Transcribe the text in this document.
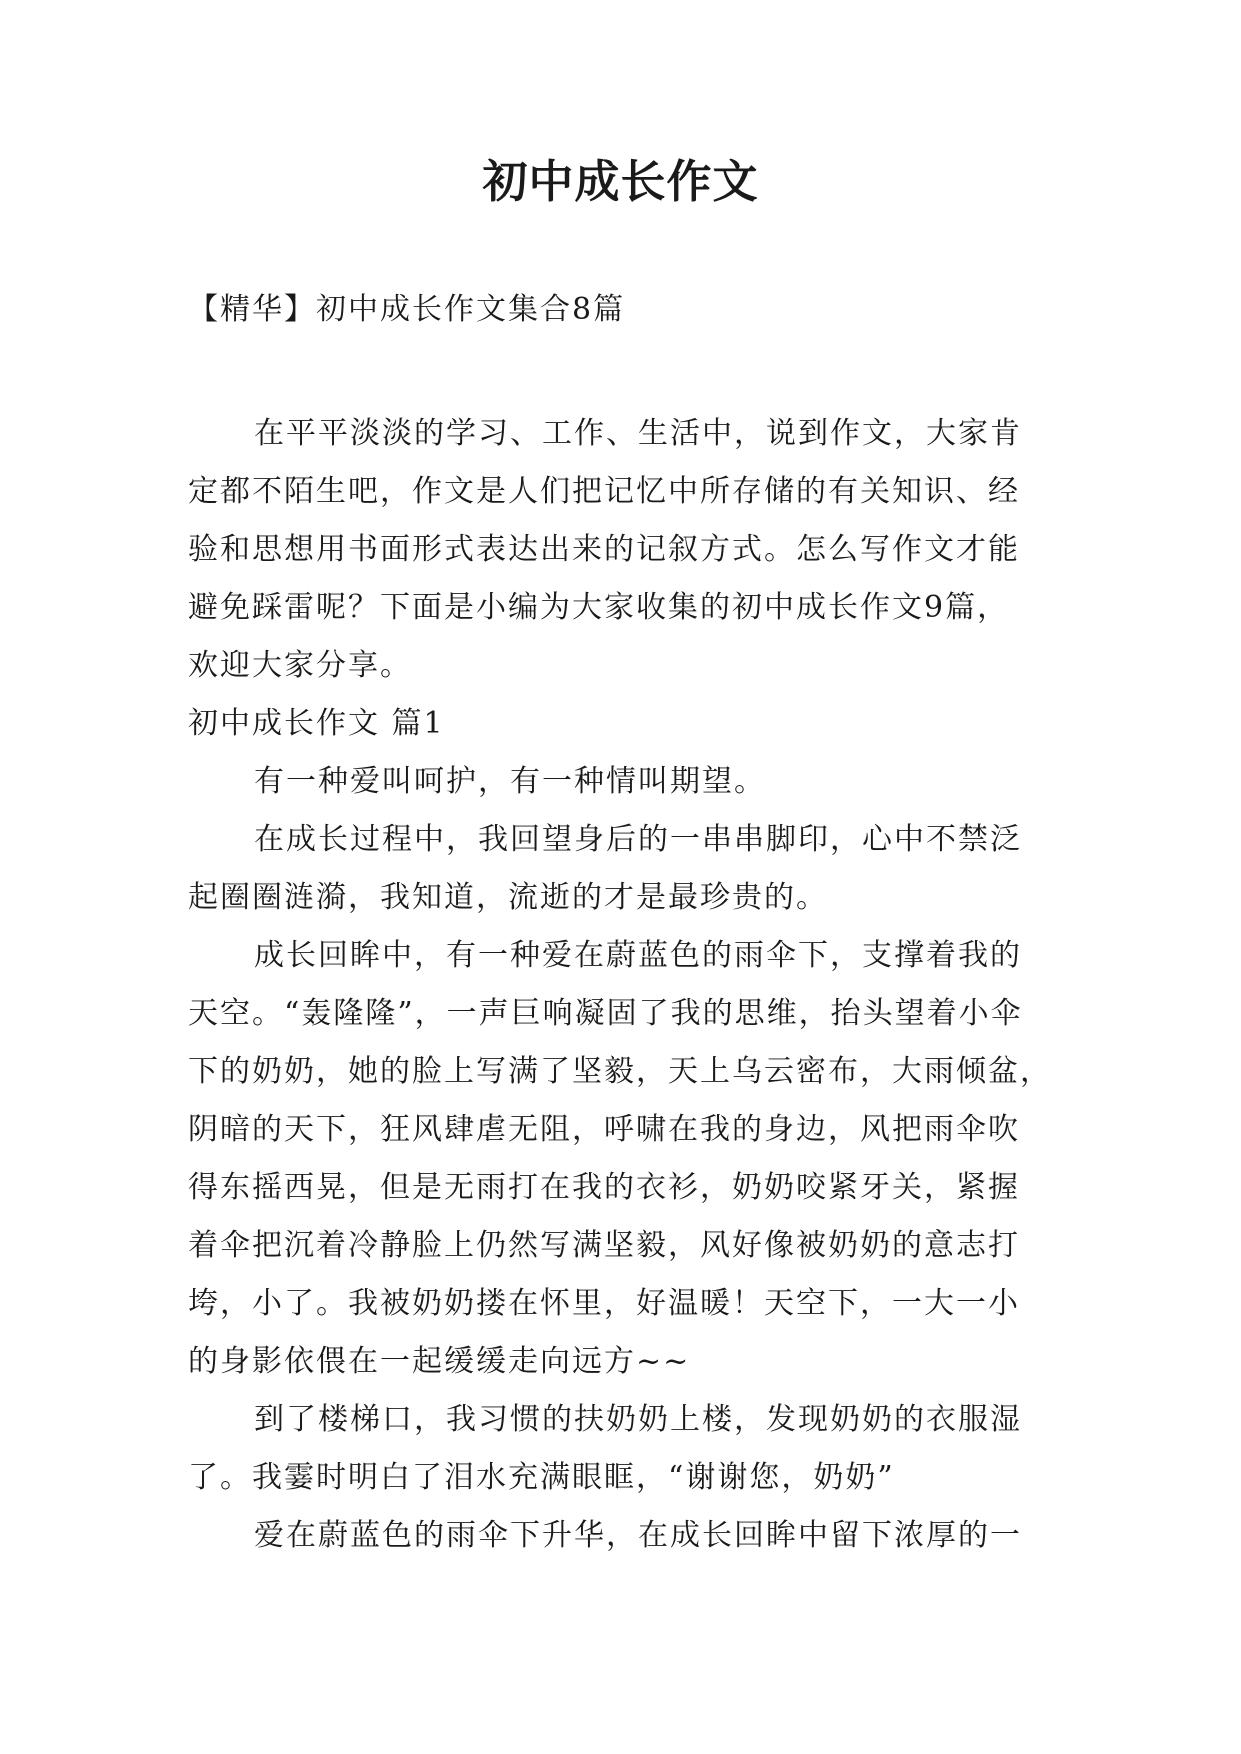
初中成长作文

【精华】初中成长作文集合8篇

在平平淡淡的学习、工作、生活中，说到作文，大家肯
定都不陌生吧，作文是人们把记忆中所存储的有关知识、经
验和思想用书面形式表达出来的记叙方式。怎么写作文才能
避免踩雷呢？下面是小编为大家收集的初中成长作文9篇，
欢迎大家分享。
初中成长作文 篇1
有一种爱叫呵护，有一种情叫期望。
在成长过程中，我回望身后的一串串脚印，心中不禁泛
起圈圈涟漪，我知道，流逝的才是最珍贵的。
成长回眸中，有一种爱在蔚蓝色的雨伞下，支撑着我的
天空。“轰隆隆”，一声巨响凝固了我的思维，抬头望着小伞
下的奶奶，她的脸上写满了坚毅，天上乌云密布，大雨倾盆，
阴暗的天下，狂风肆虐无阻，呼啸在我的身边，风把雨伞吹
得东摇西晃，但是无雨打在我的衣衫，奶奶咬紧牙关，紧握
着伞把沉着冷静脸上仍然写满坚毅，风好像被奶奶的意志打
垮，小了。我被奶奶搂在怀里，好温暖！天空下，一大一小
的身影依偎在一起缓缓走向远方~~
到了楼梯口，我习惯的扶奶奶上楼，发现奶奶的衣服湿
了。我霎时明白了泪水充满眼眶，“谢谢您，奶奶”
爱在蔚蓝色的雨伞下升华，在成长回眸中留下浓厚的一
